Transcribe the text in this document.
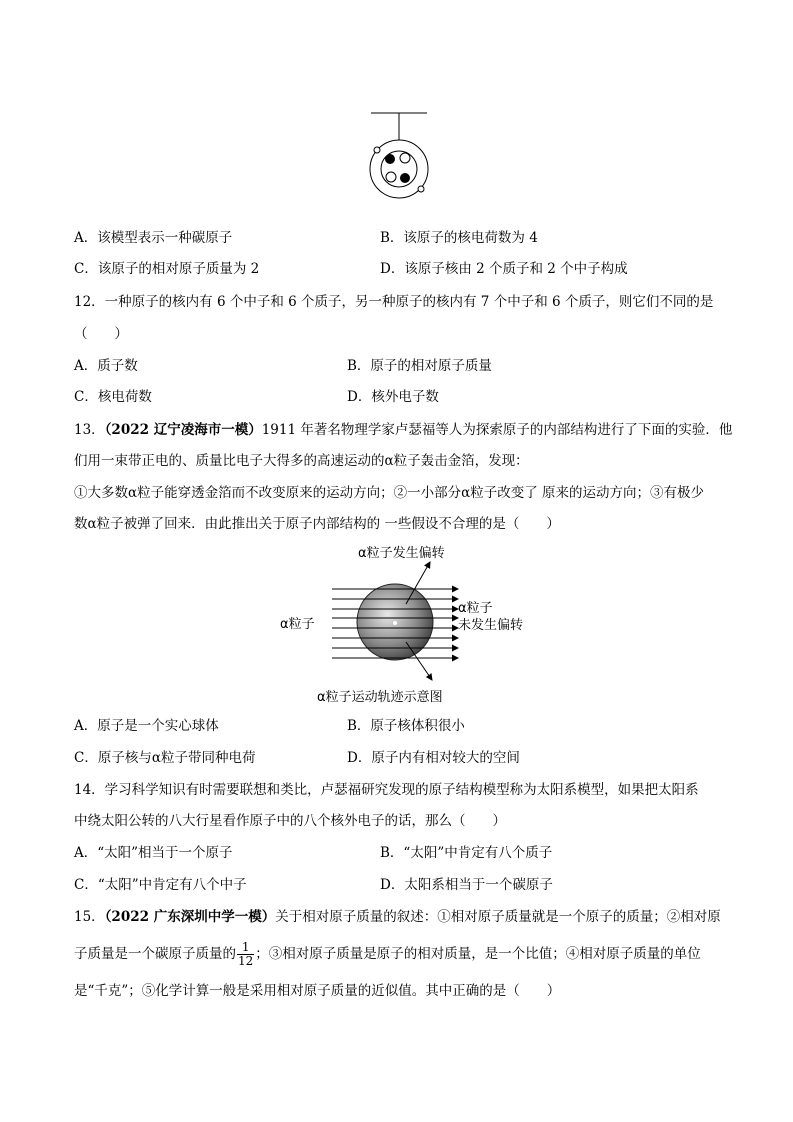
A．该模型表示一种碳原子	B．该原子的核电荷数为 4
C．该原子的相对原子质量为 2	D．该原子核由 2 个质子和 2 个中子构成
12．一种原子的核内有 6 个中子和 6 个质子，另一种原子的核内有 7 个中子和 6 个质子，则它们不同的是
（　　）
A．质子数	B．原子的相对原子质量
C．核电荷数	D．核外电子数
13．（2022 辽宁凌海市一模）1911 年著名物理学家卢瑟福等人为探索原子的内部结构进行了下面的实验．他
们用一束带正电的、质量比电子大得多的高速运动的α粒子轰击金箔，发现：
①大多数α粒子能穿透金箔而不改变原来的运动方向；②一小部分α粒子改变了 原来的运动方向；③有极少
数α粒子被弹了回来．由此推出关于原子内部结构的 一些假设不合理的是（　　）
α粒子发生偏转
α粒子
α粒子
未发生偏转
α粒子运动轨迹示意图
A．原子是一个实心球体	B．原子核体积很小
C．原子核与α粒子带同种电荷	D．原子内有相对较大的空间
14．学习科学知识有时需要联想和类比，卢瑟福研究发现的原子结构模型称为太阳系模型，如果把太阳系
中绕太阳公转的八大行星看作原子中的八个核外电子的话，那么（　　）
A．“太阳”相当于一个原子	B．“太阳”中肯定有八个质子
C．“太阳”中肯定有八个中子	D．太阳系相当于一个碳原子
15．（2022 广东深圳中学一模）关于相对原子质量的叙述：①相对原子质量就是一个原子的质量；②相对原
子质量是一个碳原子质量的 $\frac{1}{12}$ ；③相对原子质量是原子的相对质量，是一个比值；④相对原子质量的单位
是“千克”；⑤化学计算一般是采用相对原子质量的近似值。其中正确的是（　　）
